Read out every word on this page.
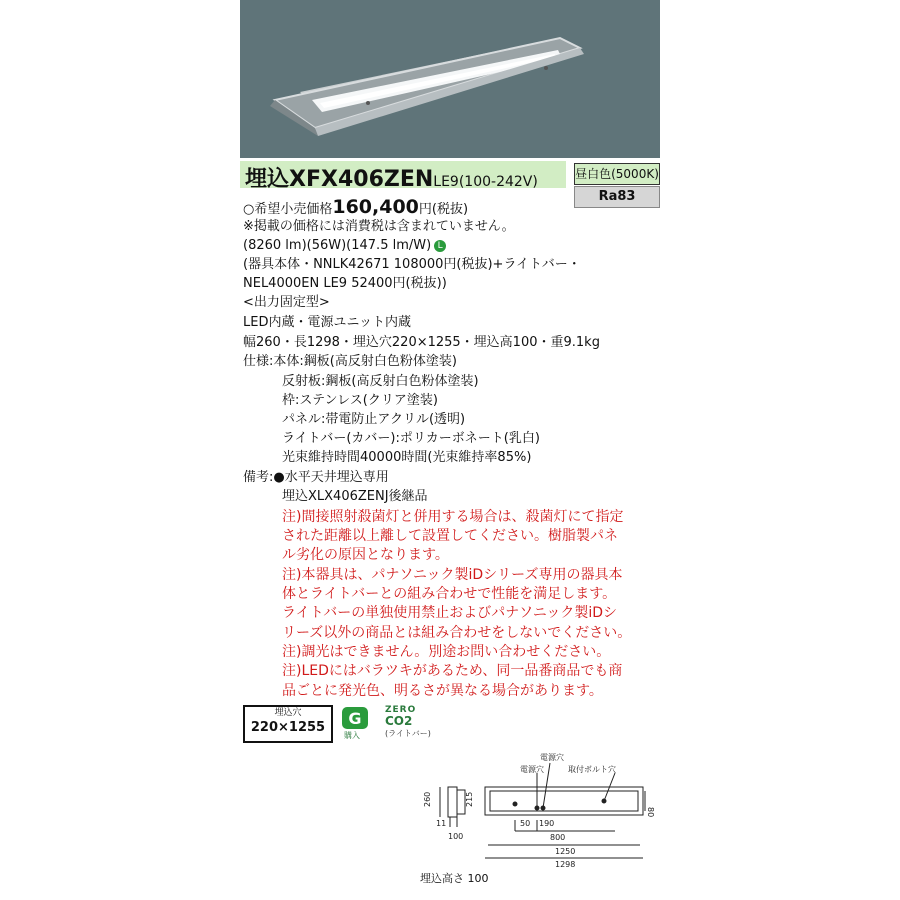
埋込XFX406ZENLE9(100-242V)	昼白色(5000K)
Ra83
○希望小売価格160,400円(税抜)
※掲載の価格には消費税は含まれていません。
(8260 lm)(56W)(147.5 lm/W) L
(器具本体・NNLK42671 108000円(税抜)+ライトバー・
NEL4000EN LE9 52400円(税抜))
<出力固定型>
LED内蔵・電源ユニット内蔵
幅260・長1298・埋込穴220×1255・埋込高100・重9.1kg
仕様:本体:鋼板(高反射白色粉体塗装)
反射板:鋼板(高反射白色粉体塗装)
枠:ステンレス(クリア塗装)
パネル:帯電防止アクリル(透明)
ライトバー(カバー):ポリカーボネート(乳白)
光束維持時間40000時間(光束維持率85%)
備考:●水平天井埋込専用
埋込XLX406ZENJ後継品
注)間接照射殺菌灯と併用する場合は、殺菌灯にて指定
された距離以上離して設置してください。樹脂製パネ
ル劣化の原因となります。
注)本器具は、パナソニック製iDシリーズ専用の器具本
体とライトバーとの組み合わせで性能を満足します。
ライトバーの単独使用禁止およびパナソニック製iDシ
リーズ以外の商品とは組み合わせをしないでください。
注)調光はできません。別途お問い合わせください。
注)LEDにはバラツキがあるため、同一品番商品でも商
品ごとに発光色、明るさが異なる場合があります。
埋込穴
220×1255	G
購入
ZERO
CO2
(ライトバー)
電源穴
電源穴	取付ボルト穴
260	215
11
100
80
50 190
800
1250
1298
埋込高さ 100
